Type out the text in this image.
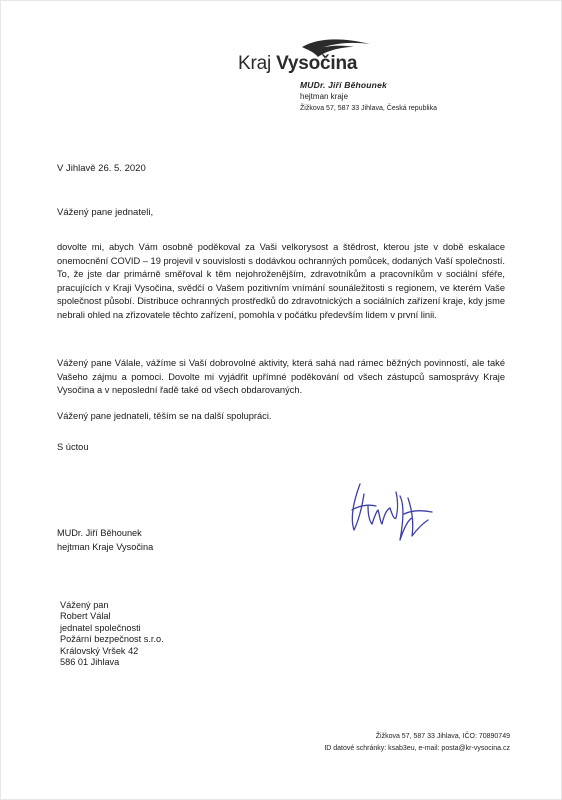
Kraj Vysočina
MUDr. Jiří Běhounek
hejtman kraje
Žižkova 57, 587 33 Jihlava, Česká republika
V Jihlavě 26. 5. 2020
Vážený pane jednateli,
dovolte mi, abych Vám osobně poděkoval za Vaši velkorysost a štědrost, kterou jste v době eskalace onemocnění COVID – 19 projevil v souvislosti s dodávkou ochranných pomůcek, dodaných Vaší společností. To, že jste dar primárně směřoval k těm nejohroženějším, zdravotníkům a pracovníkům v sociální sféře, pracujících v Kraji Vysočina, svědčí o Vašem pozitivním vnímání sounáležitosti s regionem, ve kterém Vaše společnost působí. Distribuce ochranných prostředků do zdravotnických a sociálních zařízení kraje, kdy jsme nebrali ohled na zřizovatele těchto zařízení, pomohla v počátku především lidem v první linii.
Vážený pane Válale, vážíme si Vaší dobrovolné aktivity, která sahá nad rámec běžných povinností, ale také Vašeho zájmu a pomoci. Dovolte mi vyjádřit upřímné poděkování od všech zástupců samosprávy Kraje Vysočina a v neposlední řadě také od všech obdarovaných.
Vážený pane jednateli, těším se na další spolupráci.
S úctou
MUDr. Jiří Běhounek
hejtman Kraje Vysočina
Vážený pan
Robert Válal
jednatel společnosti
Požární bezpečnost s.r.o.
Královský Vršek 42
586 01 Jihlava
Žižkova 57, 587 33 Jihlava, IČO: 70890749
ID datové schránky: ksab3eu, e-mail: posta@kr-vysocina.cz
